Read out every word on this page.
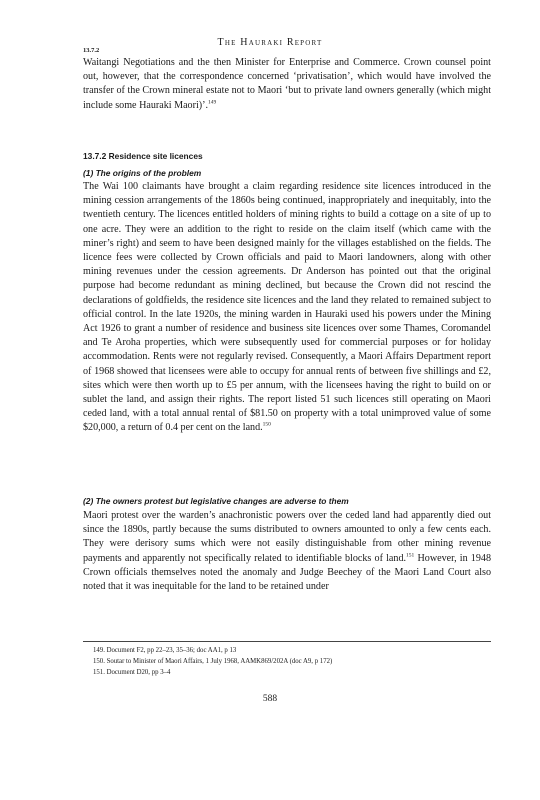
The Hauraki Report
13.7.2

Waitangi Negotiations and the then Minister for Enterprise and Commerce. Crown counsel point out, however, that the correspondence concerned ‘privatisation’, which would have involved the transfer of the Crown mineral estate not to Maori ‘but to private land owners generally (which might include some Hauraki Maori)’.$^{149}$

13.7.2 Residence site licences
(1) The origins of the problem

The Wai 100 claimants have brought a claim regarding residence site licences introduced in the mining cession arrangements of the 1860s being continued, inappropriately and inequitably, into the twentieth century. The licences entitled holders of mining rights to build a cottage on a site of up to one acre. They were an addition to the right to reside on the claim itself (which came with the miner’s right) and seem to have been designed mainly for the villages established on the fields. The licence fees were collected by Crown officials and paid to Maori landowners, along with other mining revenues under the cession agreements. Dr Anderson has pointed out that the original purpose had become redundant as mining declined, but because the Crown did not rescind the declarations of goldfields, the residence site licences and the land they related to remained subject to official control. In the late 1920s, the mining warden in Hauraki used his powers under the Mining Act 1926 to grant a number of residence and business site licences over some Thames, Coromandel and Te Aroha properties, which were subsequently used for commercial purposes or for holiday accommodation. Rents were not regularly revised. Consequently, a Maori Affairs Department report of 1968 showed that licensees were able to occupy for annual rents of between five shillings and £2, sites which were then worth up to £5 per annum, with the licensees having the right to build on or sublet the land, and assign their rights. The report listed 51 such licences still operating on Maori ceded land, with a total annual rental of $81.50 on property with a total unimproved value of some $20,000, a return of 0.4 per cent on the land.$^{150}$

(2) The owners protest but legislative changes are adverse to them

Maori protest over the warden’s anachronistic powers over the ceded land had apparently died out since the 1890s, partly because the sums distributed to owners amounted to only a few cents each. They were derisory sums which were not easily distinguishable from other mining revenue payments and apparently not specifically related to identifiable blocks of land.$^{151}$ However, in 1948 Crown officials themselves noted the anomaly and Judge Beechey of the Maori Land Court also noted that it was inequitable for the land to be retained under

149. Document F2, pp 22–23, 35–36; doc AA1, p 13
150. Soutar to Minister of Maori Affairs, 1 July 1968, AAMK869/202A (doc A9, p 172)
151. Document D20, pp 3–4
588
